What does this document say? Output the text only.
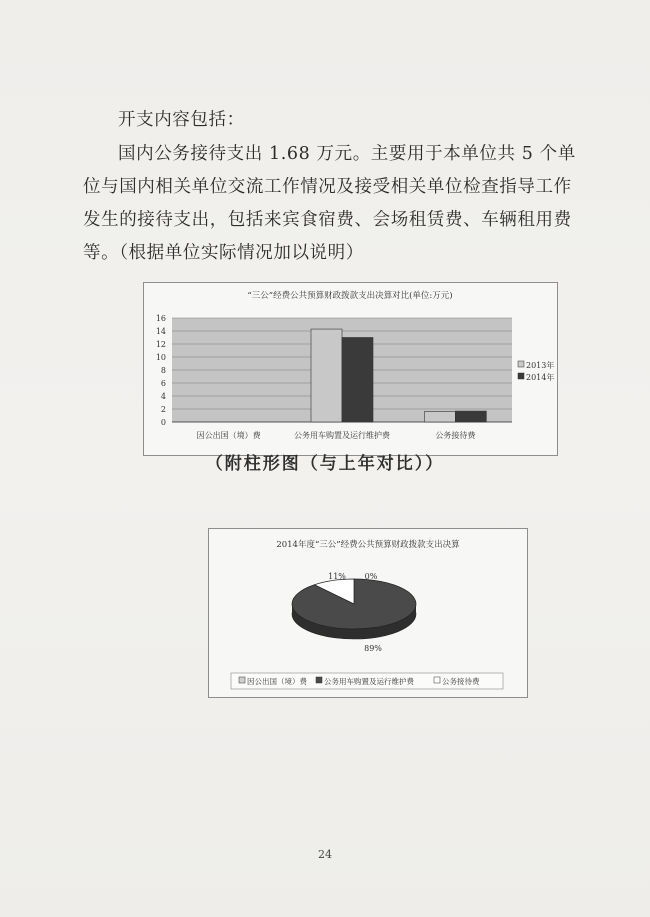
开支内容包括：
国内公务接待支出 1.68 万元。主要用于本单位共 5 个单位与国内相关单位交流工作情况及接受相关单位检查指导工作发生的接待支出，包括来宾食宿费、会场租赁费、车辆租用费等。（根据单位实际情况加以说明）
“三公”经费公共预算财政拨款支出决算对比(单位:万元)
0
2
4
6
8
10
12
14
16
因公出国（境）费	公务用车购置及运行维护费	公务接待费
2013年
2014年
（附柱形图（与上年对比））
2014年度“三公”经费公共预算财政拨款支出决算
0%
89%
11%
因公出国（境）费 公务用车购置及运行维护费	公务接待费
24
